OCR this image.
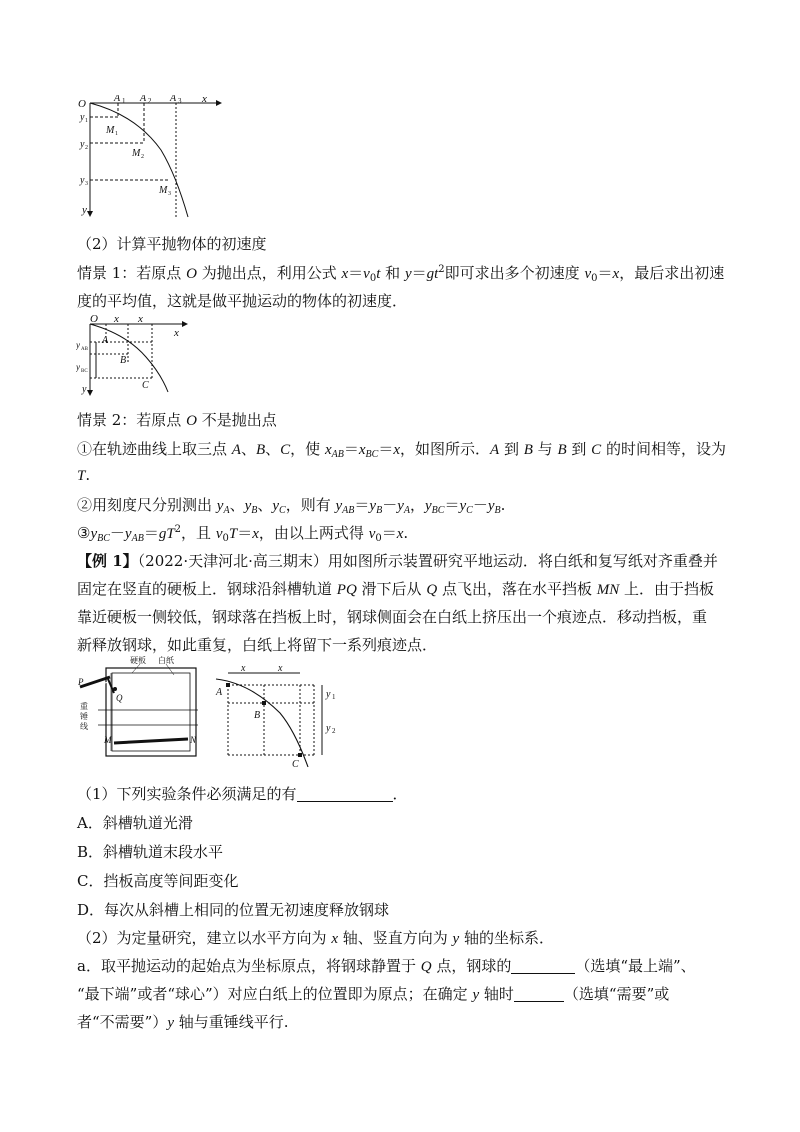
O	A 1 A 2 A 3 x
y 1
y 2
y 3
y
M 1
M 2
M 3
（2）计算平抛物体的初速度
情景 1：若原点 O 为抛出点，利用公式 $x=v_0t$ 和 $y=gt^2$即可求出多个初速度 $v_0=x$，最后求出初速
度的平均值，这就是做平抛运动的物体的初速度．
O x x
x
y AB
y BC
A
B
C
y
情景 2：若原点 O 不是抛出点
①在轨迹曲线上取三点 A、B、C，使 $x_{AB}=x_{BC}=x$，如图所示．A 到 B 与 B 到 C 的时间相等，设为
T.
②用刻度尺分别测出 $y_A$、$y_B$、$y_C$，则有 $y_{AB}=y_B-y_A$，$y_{BC}=y_C-y_B$.
$③y_{BC}-y_{AB}=gT^2$，且 $v_0T=x$，由以上两式得 $v_0=x$.
【例 1】（2022·天津河北·高三期末）用如图所示装置研究平地运动．将白纸和复写纸对齐重叠并
固定在竖直的硬板上．钢球沿斜槽轨道 PQ 滑下后从 Q 点飞出，落在水平挡板 MN 上．由于挡板
靠近硬板一侧较低，钢球落在挡板上时，钢球侧面会在白纸上挤压出一个痕迹点．移动挡板，重
新释放钢球，如此重复，白纸上将留下一系列痕迹点．
硬板 白纸
P
Q
重
锤
线
M	N
x	x
A
B
C
y 1
y 2
（1）下列实验条件必须满足的有	．
A．斜槽轨道光滑
B．斜槽轨道末段水平
C．挡板高度等间距变化
D．每次从斜槽上相同的位置无初速度释放钢球
（2）为定量研究，建立以水平方向为 x 轴、竖直方向为 y 轴的坐标系．
a．取平抛运动的起始点为坐标原点，将钢球静置于 Q 点，钢球的	（选填“最上端”、
“最下端”或者“球心”）对应白纸上的位置即为原点；在确定 y 轴时	（选填“需要”或
者“不需要”）y 轴与重锤线平行.
